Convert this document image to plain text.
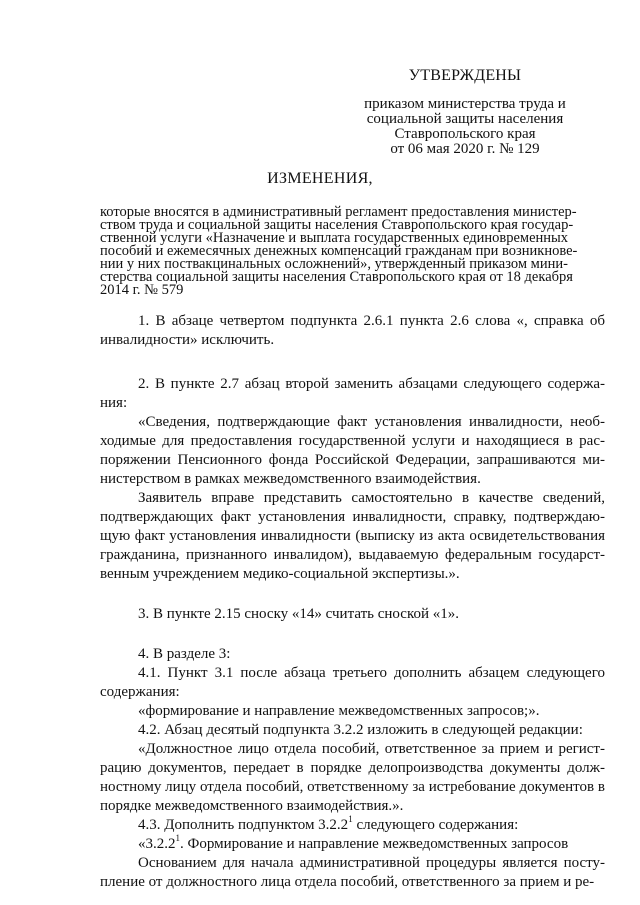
УТВЕРЖДЕНЫ
приказом министерства труда и
социальной защиты населения
Ставропольского края
от 06 мая 2020 г. № 129
ИЗМЕНЕНИЯ,
которые вносятся в административный регламент предоставления министер-
ством труда и социальной защиты населения Ставропольского края государ-
ственной услуги «Назначение и выплата государственных единовременных
пособий и ежемесячных денежных компенсаций гражданам при возникнове-
нии у них поствакцинальных осложнений», утвержденный приказом мини-
стерства социальной защиты населения Ставропольского края от 18 декабря
2014 г. № 579

1. В абзаце четвертом подпункта 2.6.1 пункта 2.6 слова «, справка об инвалидности» исключить.

2. В пункте 2.7 абзац второй заменить абзацами следующего содержа-ния:

«Сведения, подтверждающие факт установления инвалидности, необ-ходимые для предоставления государственной услуги и находящиеся в рас-поряжении Пенсионного фонда Российской Федерации, запрашиваются ми-нистерством в рамках межведомственного взаимодействия.

Заявитель вправе представить самостоятельно в качестве сведений, подтверждающих факт установления инвалидности, справку, подтверждаю-щую факт установления инвалидности (выписку из акта освидетельствования гражданина, признанного инвалидом), выдаваемую федеральным государст-венным учреждением медико-социальной экспертизы.».

3. В пункте 2.15 сноску «14» считать сноской «1».

4. В разделе 3:

4.1. Пункт 3.1 после абзаца третьего дополнить абзацем следующего содержания:

«формирование и направление межведомственных запросов;».

4.2. Абзац десятый подпункта 3.2.2 изложить в следующей редакции:

«Должностное лицо отдела пособий, ответственное за прием и регист-рацию документов, передает в порядке делопроизводства документы долж-ностному лицу отдела пособий, ответственному за истребование документов в порядке межведомственного взаимодействия.».

4.3. Дополнить подпунктом 3.2.2$^1$ следующего содержания:

«3.2.2$^1$. Формирование и направление межведомственных запросов

Основанием для начала административной процедуры является посту-пление от должностного лица отдела пособий, ответственного за прием и ре-
